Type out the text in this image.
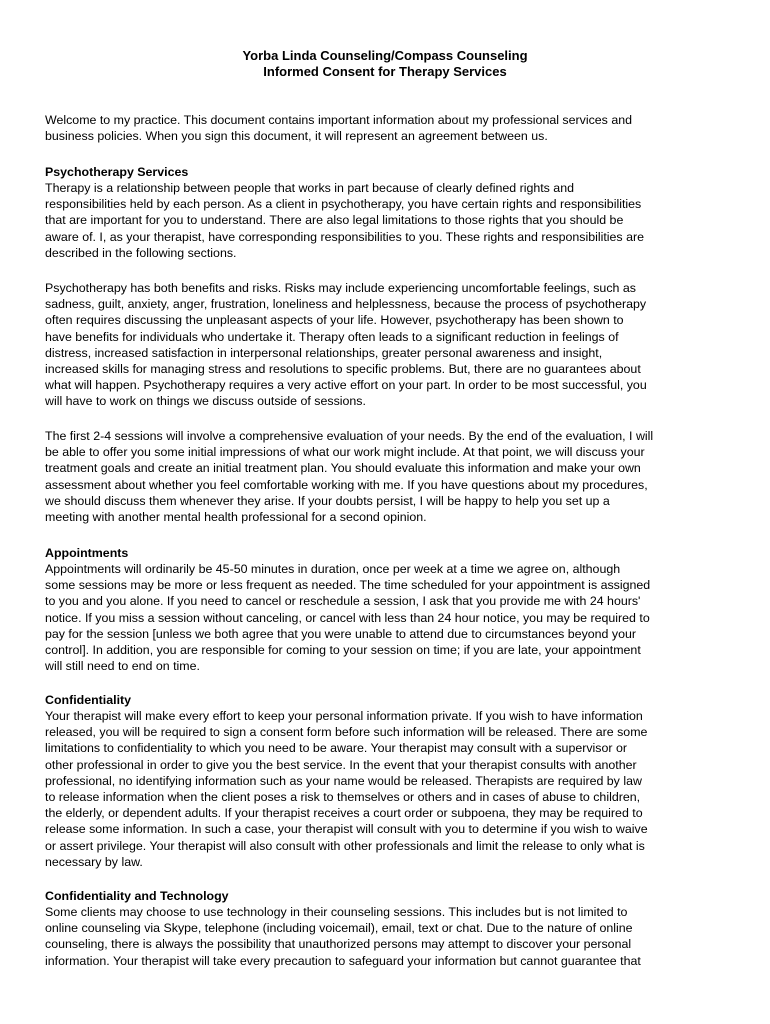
Yorba Linda Counseling/Compass Counseling
Informed Consent for Therapy Services
Welcome to my practice. This document contains important information about my professional services and
business policies. When you sign this document, it will represent an agreement between us.
Psychotherapy Services
Therapy is a relationship between people that works in part because of clearly defined rights and
responsibilities held by each person. As a client in psychotherapy, you have certain rights and responsibilities
that are important for you to understand. There are also legal limitations to those rights that you should be
aware of. I, as your therapist, have corresponding responsibilities to you. These rights and responsibilities are
described in the following sections.
Psychotherapy has both benefits and risks. Risks may include experiencing uncomfortable feelings, such as
sadness, guilt, anxiety, anger, frustration, loneliness and helplessness, because the process of psychotherapy
often requires discussing the unpleasant aspects of your life. However, psychotherapy has been shown to
have benefits for individuals who undertake it. Therapy often leads to a significant reduction in feelings of
distress, increased satisfaction in interpersonal relationships, greater personal awareness and insight,
increased skills for managing stress and resolutions to specific problems. But, there are no guarantees about
what will happen. Psychotherapy requires a very active effort on your part. In order to be most successful, you
will have to work on things we discuss outside of sessions.
The first 2-4 sessions will involve a comprehensive evaluation of your needs. By the end of the evaluation, I will
be able to offer you some initial impressions of what our work might include. At that point, we will discuss your
treatment goals and create an initial treatment plan. You should evaluate this information and make your own
assessment about whether you feel comfortable working with me. If you have questions about my procedures,
we should discuss them whenever they arise. If your doubts persist, I will be happy to help you set up a
meeting with another mental health professional for a second opinion.
Appointments
Appointments will ordinarily be 45-50 minutes in duration, once per week at a time we agree on, although
some sessions may be more or less frequent as needed. The time scheduled for your appointment is assigned
to you and you alone. If you need to cancel or reschedule a session, I ask that you provide me with 24 hours'
notice. If you miss a session without canceling, or cancel with less than 24 hour notice, you may be required to
pay for the session [unless we both agree that you were unable to attend due to circumstances beyond your
control]. In addition, you are responsible for coming to your session on time; if you are late, your appointment
will still need to end on time.
Confidentiality
Your therapist will make every effort to keep your personal information private. If you wish to have information
released, you will be required to sign a consent form before such information will be released. There are some
limitations to confidentiality to which you need to be aware. Your therapist may consult with a supervisor or
other professional in order to give you the best service. In the event that your therapist consults with another
professional, no identifying information such as your name would be released. Therapists are required by law
to release information when the client poses a risk to themselves or others and in cases of abuse to children,
the elderly, or dependent adults. If your therapist receives a court order or subpoena, they may be required to
release some information. In such a case, your therapist will consult with you to determine if you wish to waive
or assert privilege. Your therapist will also consult with other professionals and limit the release to only what is
necessary by law.
Confidentiality and Technology
Some clients may choose to use technology in their counseling sessions. This includes but is not limited to
online counseling via Skype, telephone (including voicemail), email, text or chat. Due to the nature of online
counseling, there is always the possibility that unauthorized persons may attempt to discover your personal
information. Your therapist will take every precaution to safeguard your information but cannot guarantee that
